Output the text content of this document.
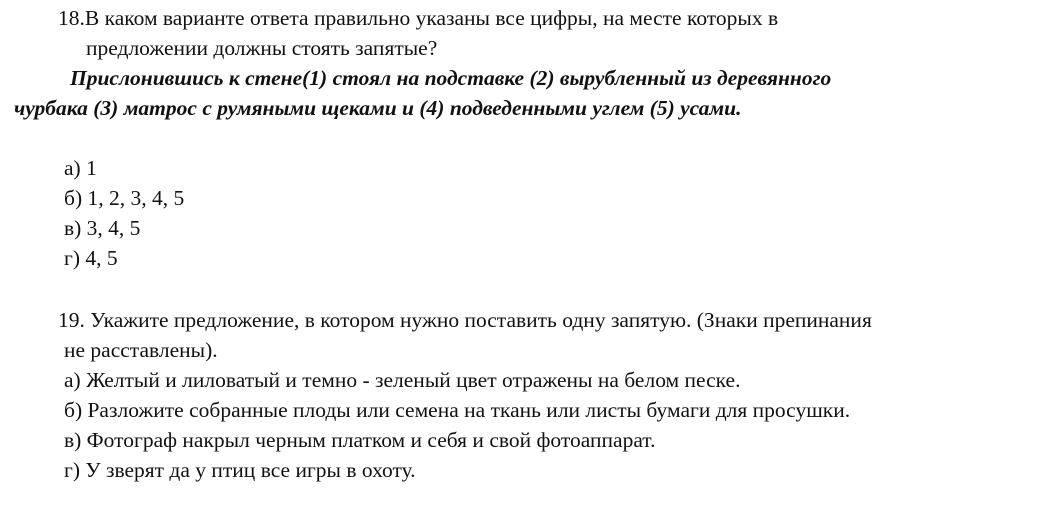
18.В каком варианте ответа правильно указаны все цифры, на месте которых в
предложении должны стоять запятые?
Прислонившись к стене(1) стоял на подставке (2) вырубленный из деревянного
чурбака (3) матрос с румяными щеками и (4) подведенными углем (5) усами.
а) 1
б) 1, 2, 3, 4, 5
в) 3, 4, 5
г) 4, 5
19. Укажите предложение, в котором нужно поставить одну запятую. (Знаки препинания
не расставлены).
а) Желтый и лиловатый и темно - зеленый цвет отражены на белом песке.
б) Разложите собранные плоды или семена на ткань или листы бумаги для просушки.
в) Фотограф накрыл черным платком и себя и свой фотоаппарат.
г) У зверят да у птиц все игры в охоту.
